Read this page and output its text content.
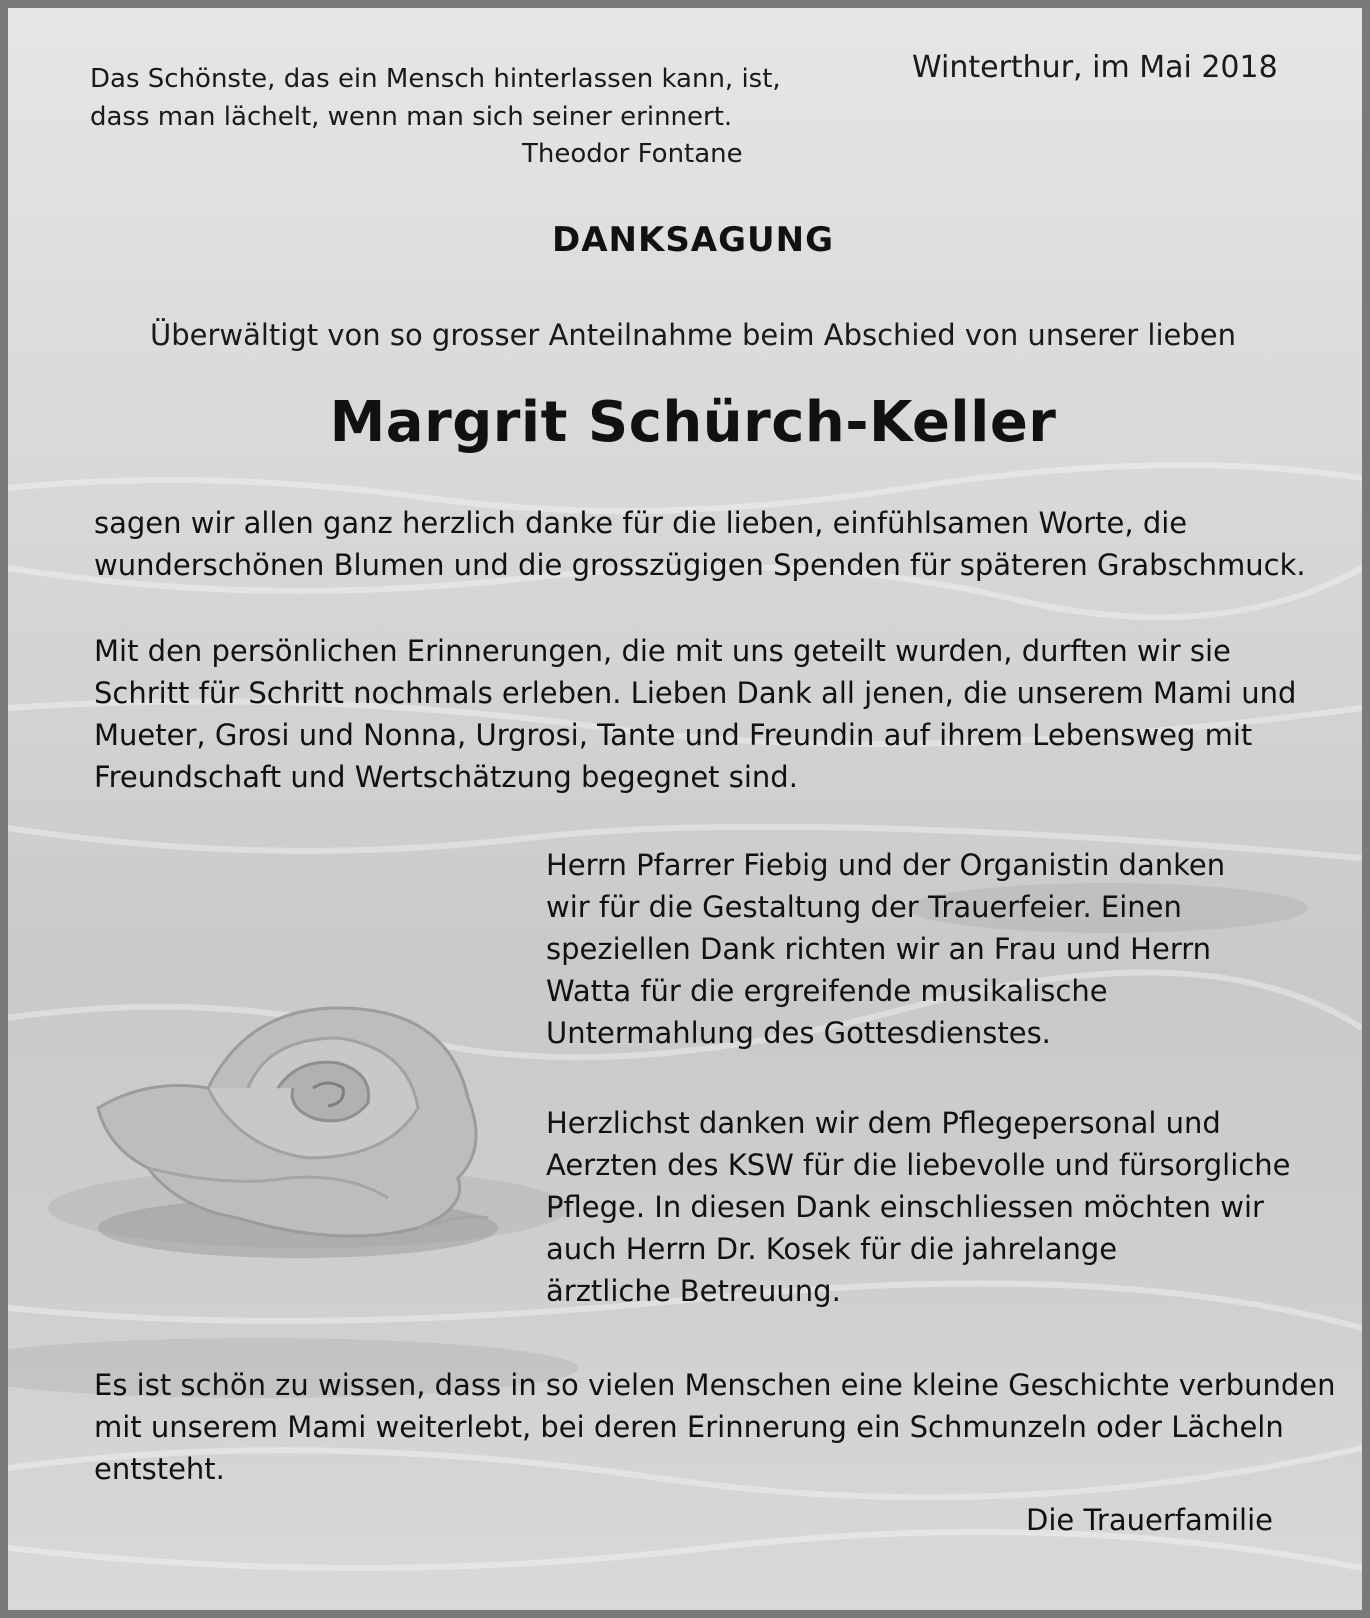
Das Schönste, das ein Mensch hinterlassen kann, ist,
dass man lächelt, wenn man sich seiner erinnert.

Theodor Fontane

Winterthur, im Mai 2018

DANKSAGUNG

Überwältigt von so grosser Anteilnahme beim Abschied von unserer lieben

Margrit Schürch-Keller

sagen wir allen ganz herzlich danke für die lieben, einfühlsamen Worte, die
wunderschönen Blumen und die grosszügigen Spenden für späteren Grabschmuck.

Mit den persönlichen Erinnerungen, die mit uns geteilt wurden, durften wir sie
Schritt für Schritt nochmals erleben. Lieben Dank all jenen, die unserem Mami und
Mueter, Grosi und Nonna, Urgrosi, Tante und Freundin auf ihrem Lebensweg mit
Freundschaft und Wertschätzung begegnet sind.

Herrn Pfarrer Fiebig und der Organistin danken
wir für die Gestaltung der Trauerfeier. Einen
speziellen Dank richten wir an Frau und Herrn
Watta für die ergreifende musikalische
Untermahlung des Gottesdienstes.

Herzlichst danken wir dem Pflegepersonal und
Aerzten des KSW für die liebevolle und fürsorgliche
Pflege. In diesen Dank einschliessen möchten wir
auch Herrn Dr. Kosek für die jahrelange
ärztliche Betreuung.

Es ist schön zu wissen, dass in so vielen Menschen eine kleine Geschichte verbunden
mit unserem Mami weiterlebt, bei deren Erinnerung ein Schmunzeln oder Lächeln
entsteht.

Die Trauerfamilie
